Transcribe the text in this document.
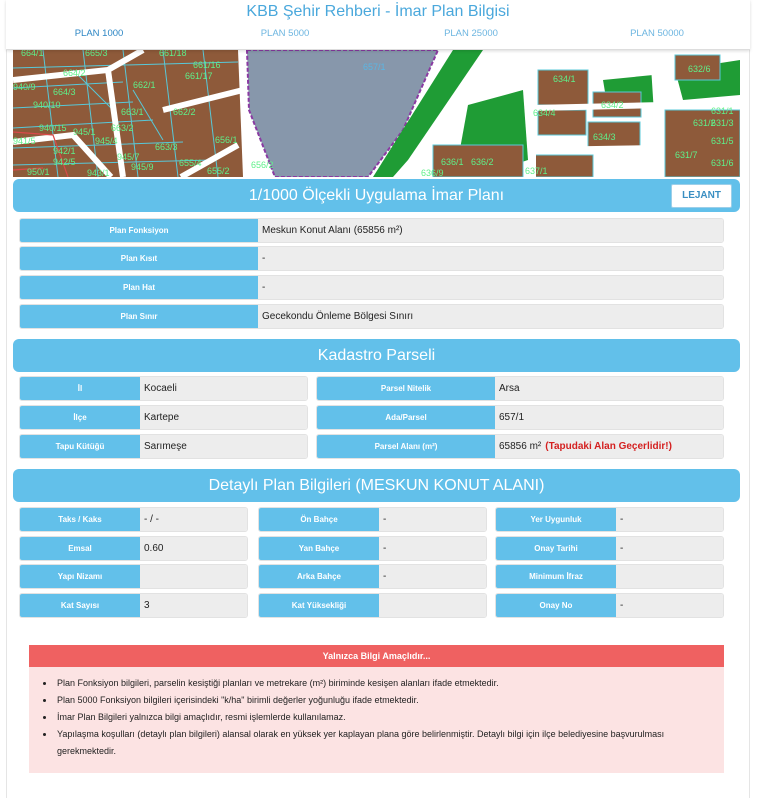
KBB Şehir Rehberi - İmar Plan Bilgisi
PLAN 1000	PLAN 5000	PLAN 25000	PLAN 50000
664/1	665/3	661/18
661/16
661/17
664/2
664/3
662/1
940/9
940/10
663/1	662/2
940/15 945/1 663/2
941/5	945/4
663/3
656/1
942/1
942/5	945/7
945/9	655/4
655/2
656/2
950/1	943/1
657/1
634/1
632/6
634/2
634/4
634/3
631/1
631/2
631/3
631/5
631/6
631/7
636/1 636/2
636/9	637/1
1/1000 Ölçekli Uygulama İmar Planı	LEJANT
Plan Fonksiyon	Meskun Konut Alanı (65856 m²)
Plan Kısıt	-
Plan Hat	-
Plan Sınır	Gecekondu Önleme Bölgesi Sınırı
Kadastro Parseli
İl	Kocaeli
İlçe	Kartepe
Tapu Kütüğü	Sarımeşe
Parsel Nitelik	Arsa
Ada/Parsel	657/1
Parsel Alanı (m²)	65856 m² (Tapudaki Alan Geçerlidir!)
Detaylı Plan Bilgileri (MESKUN KONUT ALANI)
Taks / Kaks	- / -
Emsal	0.60
Yapı Nizamı
Kat Sayısı	3
Ön Bahçe	-
Yan Bahçe	-
Arka Bahçe	-
Kat Yüksekliği
Yer Uygunluk	-
Onay Tarihi	-
Minimum İfraz
Onay No	-
Yalnızca Bilgi Amaçlıdır...
• Plan Fonksiyon bilgileri, parselin kesiştiği planları ve metrekare (m²) biriminde kesişen alanları ifade etmektedir.
• Plan 5000 Fonksiyon bilgileri içerisindeki "k/ha" birimli değerler yoğunluğu ifade etmektedir.
• İmar Plan Bilgileri yalnızca bilgi amaçlıdır, resmi işlemlerde kullanılamaz.
• Yapılaşma koşulları (detaylı plan bilgileri) alansal olarak en yüksek yer kaplayan plana göre belirlenmiştir. Detaylı bilgi için ilçe belediyesine başvurulması gerekmektedir.
